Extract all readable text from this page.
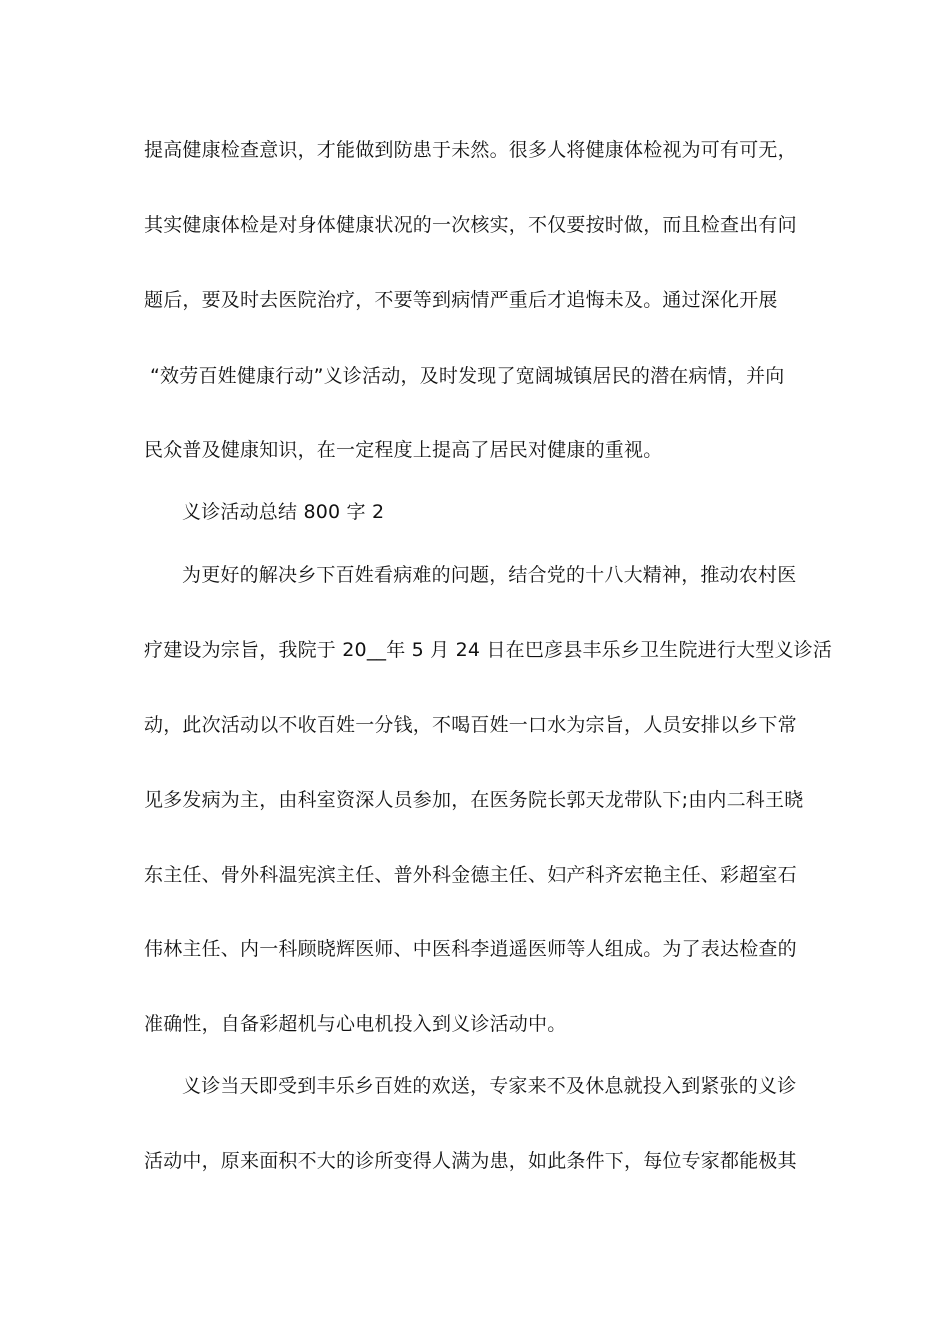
提高健康检查意识，才能做到防患于未然。很多人将健康体检视为可有可无，

其实健康体检是对身体健康状况的一次核实，不仅要按时做，而且检查出有问

题后，要及时去医院治疗，不要等到病情严重后才追悔未及。通过深化开展

“效劳百姓健康行动”义诊活动，及时发现了宽阔城镇居民的潜在病情，并向

民众普及健康知识，在一定程度上提高了居民对健康的重视。

义诊活动总结 800 字 2

为更好的解决乡下百姓看病难的问题，结合党的十八大精神，推动农村医

疗建设为宗旨，我院于 20__年 5 月 24 日在巴彦县丰乐乡卫生院进行大型义诊活

动，此次活动以不收百姓一分钱，不喝百姓一口水为宗旨，人员安排以乡下常

见多发病为主，由科室资深人员参加，在医务院长郭天龙带队下;由内二科王晓

东主任、骨外科温宪滨主任、普外科金德主任、妇产科齐宏艳主任、彩超室石

伟林主任、内一科顾晓辉医师、中医科李逍遥医师等人组成。为了表达检查的

准确性，自备彩超机与心电机投入到义诊活动中。

义诊当天即受到丰乐乡百姓的欢送，专家来不及休息就投入到紧张的义诊

活动中，原来面积不大的诊所变得人满为患，如此条件下，每位专家都能极其
